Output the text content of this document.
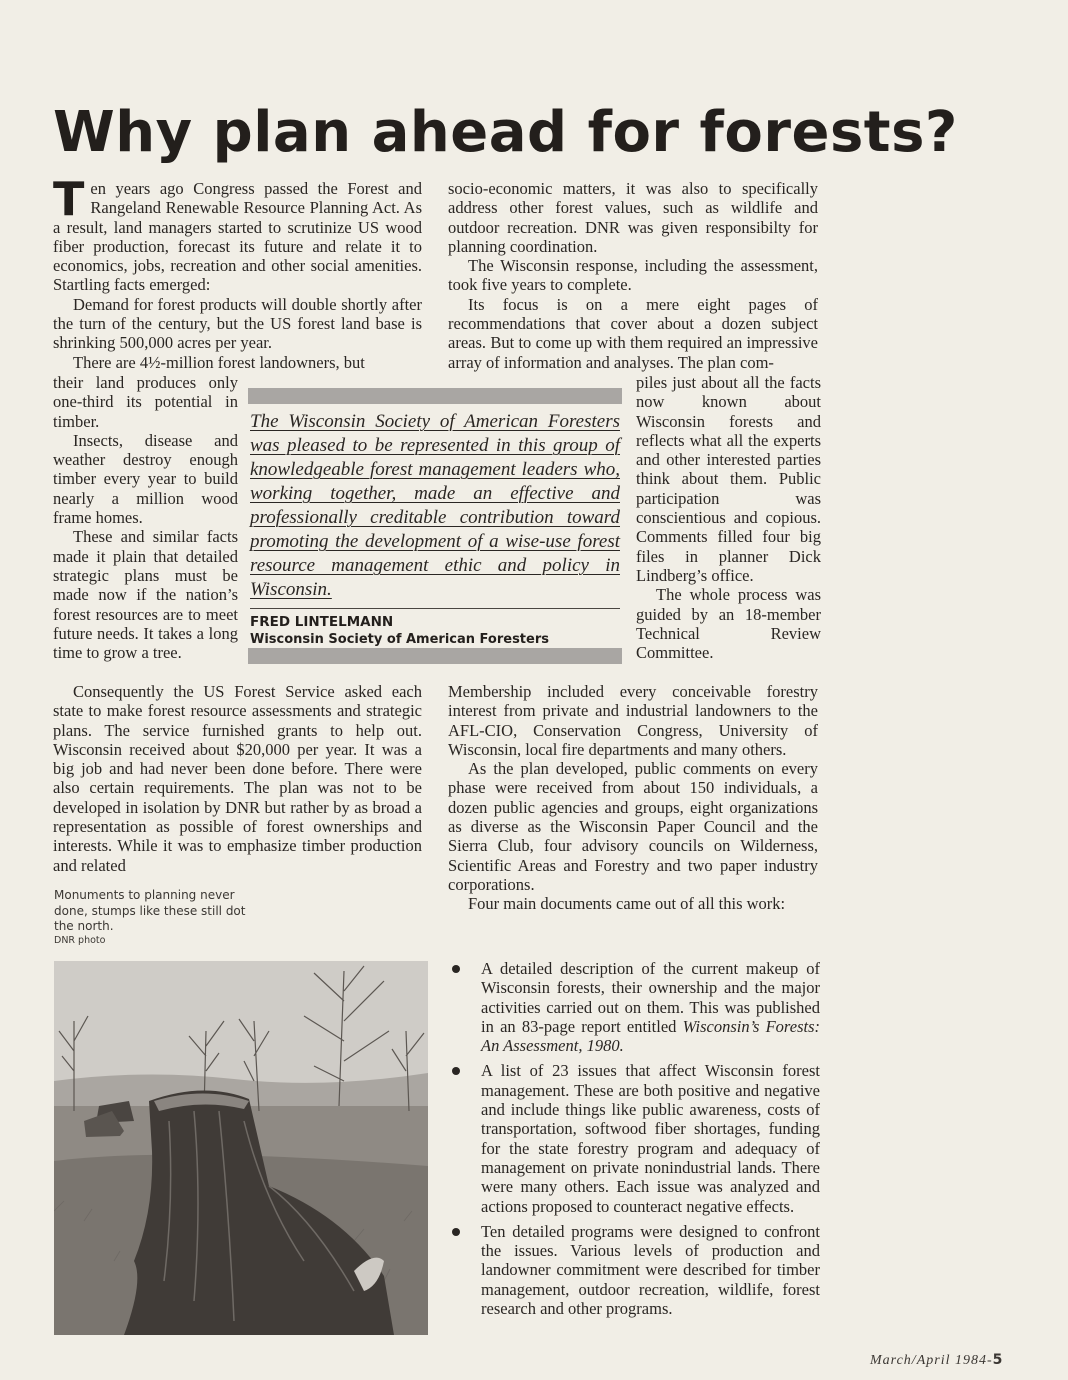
Why plan ahead for forests?
T en years ago Congress passed the Forest and Rangeland Renewable Resource Planning Act. As a result, land managers started to scrutinize US wood fiber production, forecast its future and relate it to economics, jobs, recreation and other social amenities. Startling facts emerged:

Demand for forest products will double shortly after the turn of the century, but the US forest land base is shrinking 500,000 acres per year.

There are 4½-million forest landowners, but

their land produces only one-third its potential in timber.

Insects, disease and weather destroy enough timber every year to build nearly a million wood frame homes.

These and similar facts made it plain that detailed strategic plans must be made now if the nation’s forest resources are to meet future needs. It takes a long time to grow a tree.

Consequently the US Forest Service asked each state to make forest resource assessments and strategic plans. The service furnished grants to help out. Wisconsin received about $20,000 per year. It was a big job and had never been done before. There were also certain requirements. The plan was not to be developed in isolation by DNR but rather by as broad a representation as possible of forest ownerships and interests. While it was to emphasize timber production and related

socio-economic matters, it was also to specifically address other forest values, such as wildlife and outdoor recreation. DNR was given responsibilty for planning coordination.

The Wisconsin response, including the assessment, took five years to complete.

Its focus is on a mere eight pages of recommendations that cover about a dozen subject areas. But to come up with them required an impressive array of information and analyses. The plan com-

piles just about all the facts now known about Wisconsin forests and reflects what all the experts and other interested parties think about them. Public participation was conscientious and copious. Comments filled four big files in planner Dick Lindberg’s office.

The whole process was guided by an 18-member Technical Review Committee.

Membership included every conceivable forestry interest from private and industrial landowners to the AFL-CIO, Conservation Congress, University of Wisconsin, local fire departments and many others.

As the plan developed, public comments on every phase were received from about 150 individuals, a dozen public agencies and groups, eight organizations as diverse as the Wisconsin Paper Council and the Sierra Club, four advisory councils on Wilderness, Scientific Areas and Forestry and two paper industry corporations.

Four main documents came out of all this work:

The Wisconsin Society of American Foresters was pleased to be represented in this group of knowledgeable forest management leaders who, working together, made an effective and professionally creditable contribution toward promoting the development of a wise-use forest resource management ethic and policy in Wisconsin.
FRED LINTELMANN
Wisconsin Society of American Foresters
Monuments to planning never done, stumps like these still dot the north.
DNR photo
A detailed description of the current makeup of Wisconsin forests, their ownership and the major activities carried out on them. This was published in an 83-page report entitled Wisconsin’s Forests: An Assessment, 1980.
A list of 23 issues that affect Wisconsin forest management. These are both positive and negative and include things like public awareness, costs of transportation, softwood fiber shortages, funding for the state forestry program and adequacy of management on private nonindustrial lands. There were many others. Each issue was analyzed and actions proposed to counteract negative effects.
Ten detailed programs were designed to confront the issues. Various levels of production and landowner commitment were described for timber management, outdoor recreation, wildlife, forest research and other programs.
March/April 1984-5
